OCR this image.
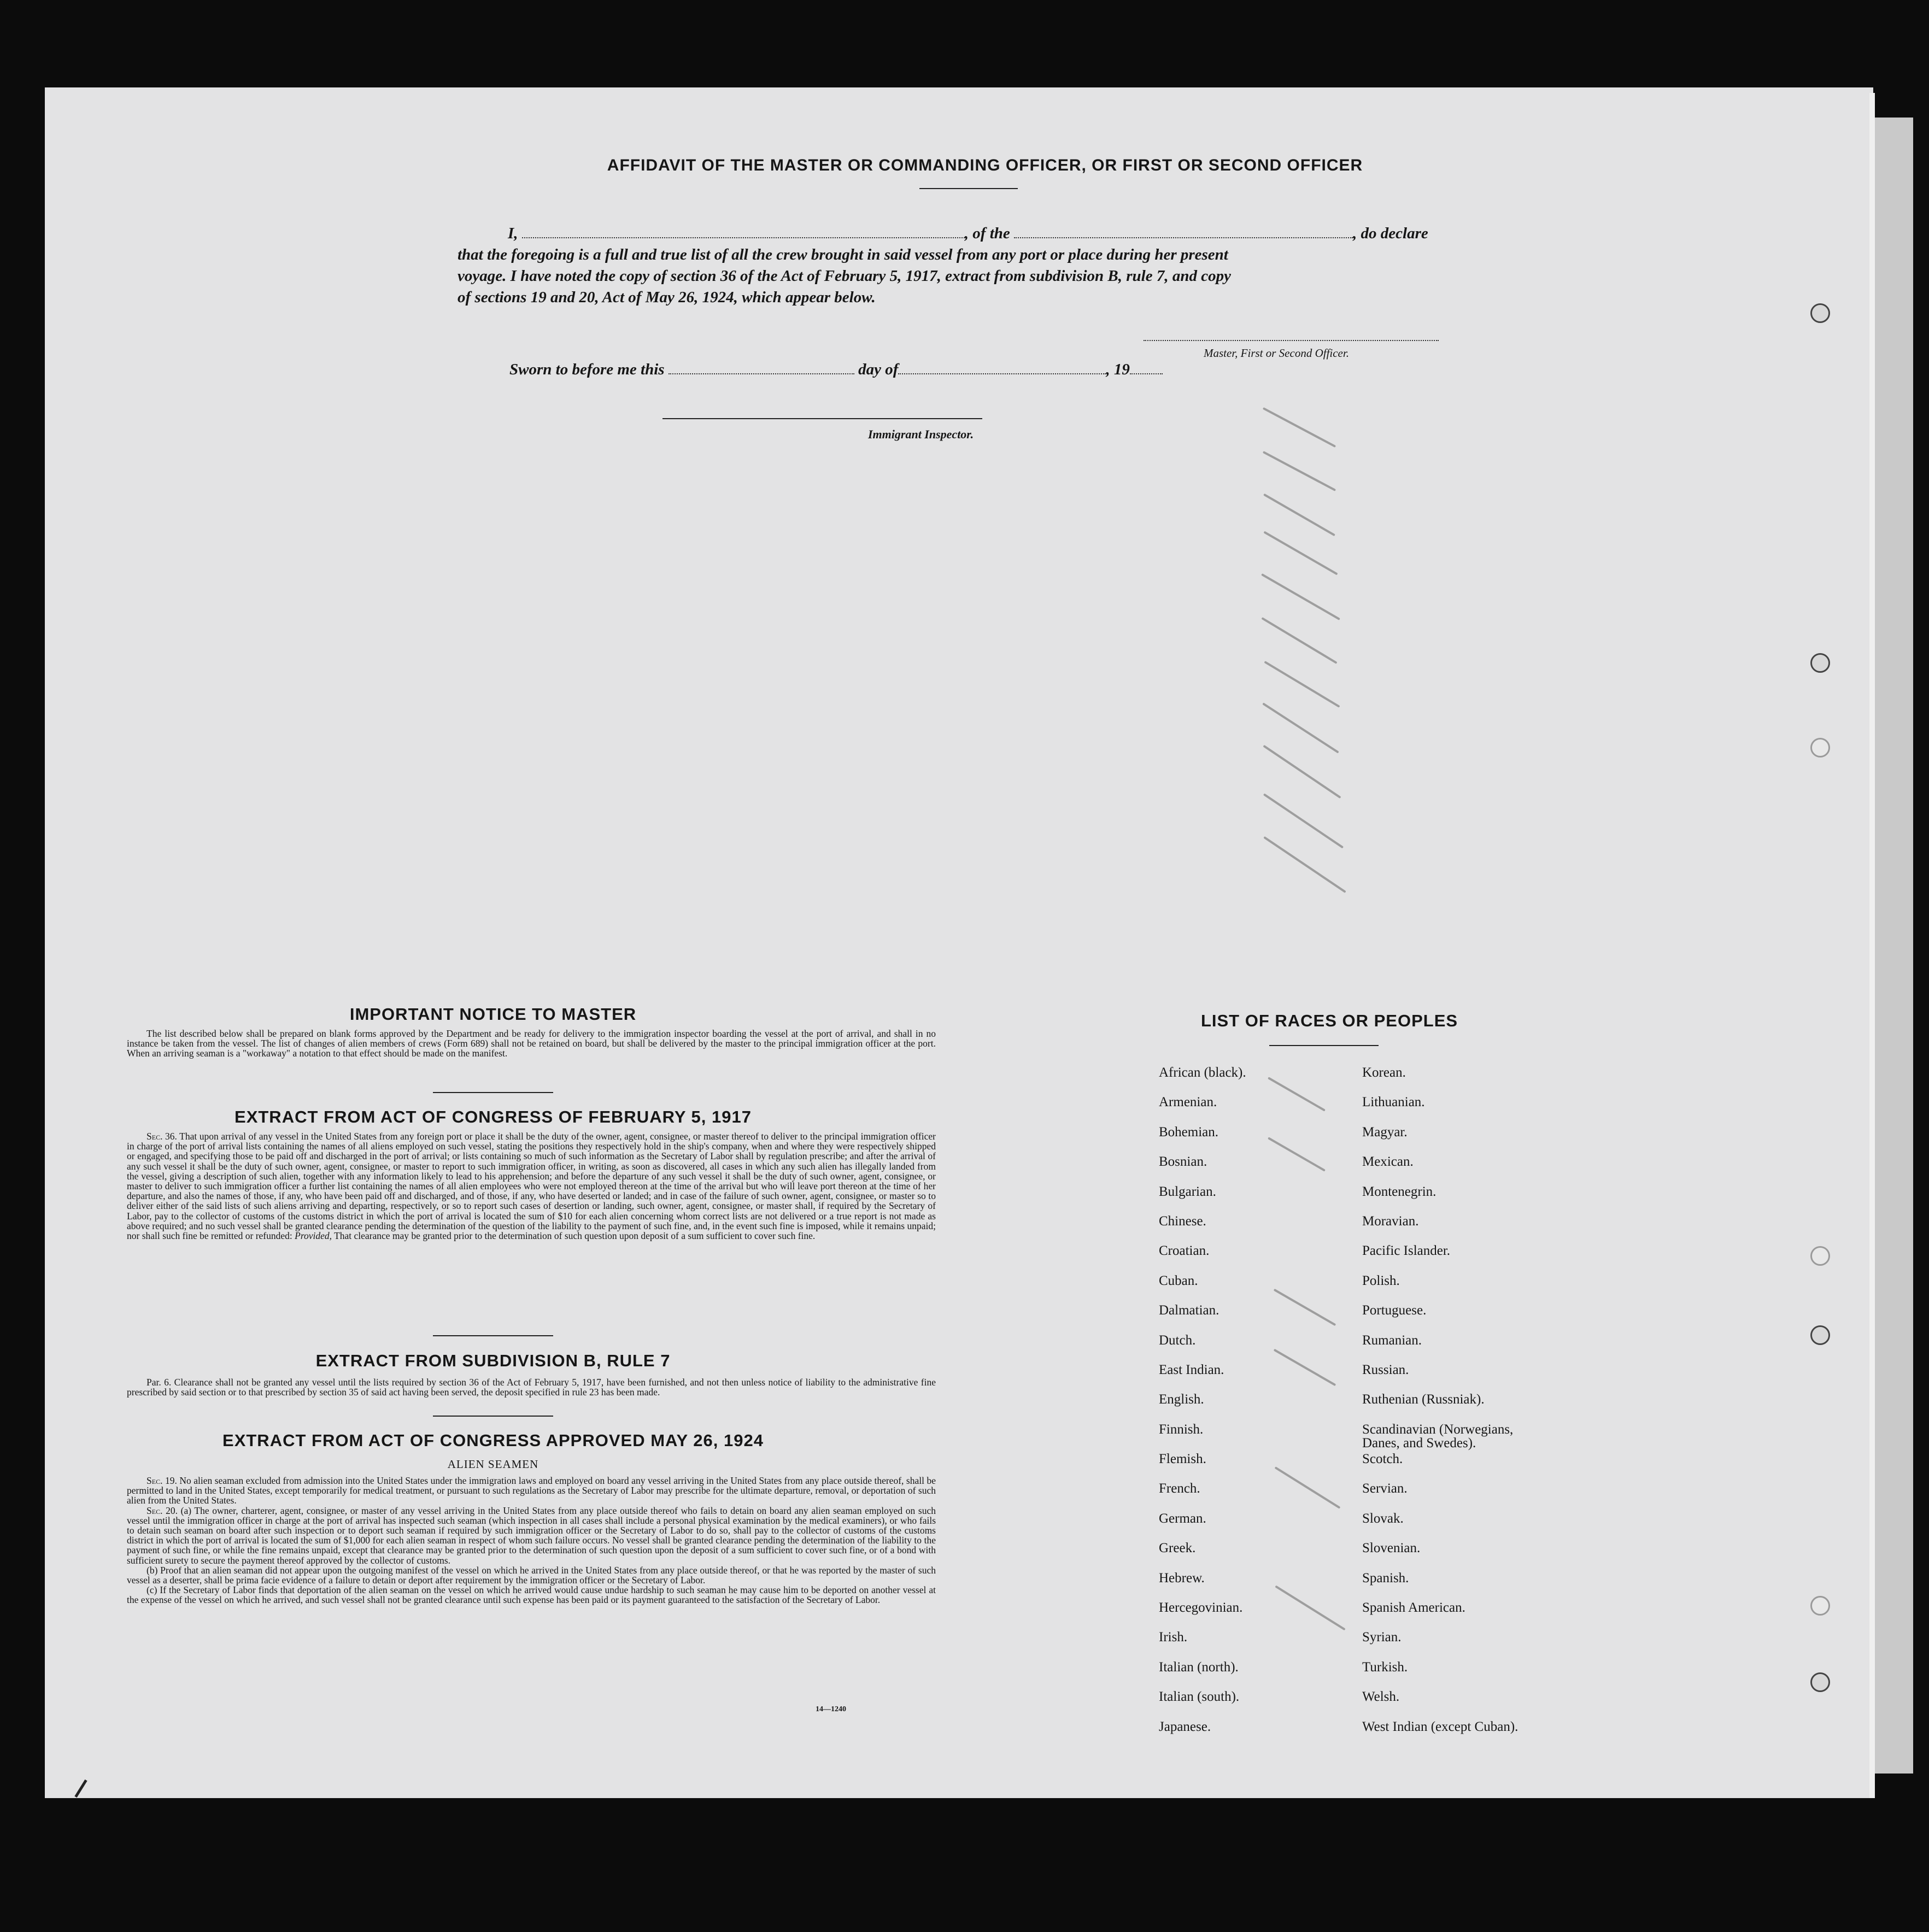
AFFIDAVIT OF THE MASTER OR COMMANDING OFFICER, OR FIRST OR SECOND OFFICER
I,	, of the	, do declare
that the foregoing is a full and true list of all the crew brought in said vessel from any port or place during her present
voyage. I have noted the copy of section 36 of the Act of February 5, 1917, extract from subdivision B, rule 7, and copy
of sections 19 and 20, Act of May 26, 1924, which appear below.
Master, First or Second Officer.
Sworn to before me this	day of	, 19
Immigrant Inspector.
IMPORTANT NOTICE TO MASTER

The list described below shall be prepared on blank forms approved by the Department and be ready for delivery to the immigration inspector boarding the vessel at the port of arrival, and shall in no instance be taken from the vessel. The list of changes of alien members of crews (Form 689) shall not be retained on board, but shall be delivered by the master to the principal immigration officer at the port. When an arriving seaman is a "workaway" a notation to that effect should be made on the manifest.

EXTRACT FROM ACT OF CONGRESS OF FEBRUARY 5, 1917

Sec. 36. That upon arrival of any vessel in the United States from any foreign port or place it shall be the duty of the owner, agent, consignee, or master thereof to deliver to the principal immigration officer in charge of the port of arrival lists containing the names of all aliens employed on such vessel, stating the positions they respectively hold in the ship's company, when and where they were respectively shipped or engaged, and specifying those to be paid off and discharged in the port of arrival; or lists containing so much of such information as the Secretary of Labor shall by regulation prescribe; and after the arrival of any such vessel it shall be the duty of such owner, agent, consignee, or master to report to such immigration officer, in writing, as soon as discovered, all cases in which any such alien has illegally landed from the vessel, giving a description of such alien, together with any information likely to lead to his apprehension; and before the departure of any such vessel it shall be the duty of such owner, agent, consignee, or master to deliver to such immigration officer a further list containing the names of all alien employees who were not employed thereon at the time of the arrival but who will leave port thereon at the time of her departure, and also the names of those, if any, who have been paid off and discharged, and of those, if any, who have deserted or landed; and in case of the failure of such owner, agent, consignee, or master so to deliver either of the said lists of such aliens arriving and departing, respectively, or so to report such cases of desertion or landing, such owner, agent, consignee, or master shall, if required by the Secretary of Labor, pay to the collector of customs of the customs district in which the port of arrival is located the sum of $10 for each alien concerning whom correct lists are not delivered or a true report is not made as above required; and no such vessel shall be granted clearance pending the determination of the question of the liability to the payment of such fine, and, in the event such fine is imposed, while it remains unpaid; nor shall such fine be remitted or refunded: Provided, That clearance may be granted prior to the determination of such question upon deposit of a sum sufficient to cover such fine.

EXTRACT FROM SUBDIVISION B, RULE 7

Par. 6. Clearance shall not be granted any vessel until the lists required by section 36 of the Act of February 5, 1917, have been furnished, and not then unless notice of liability to the administrative fine prescribed by said section or to that prescribed by section 35 of said act having been served, the deposit specified in rule 23 has been made.

EXTRACT FROM ACT OF CONGRESS APPROVED MAY 26, 1924
ALIEN SEAMEN

Sec. 19. No alien seaman excluded from admission into the United States under the immigration laws and employed on board any vessel arriving in the United States from any place outside thereof, shall be permitted to land in the United States, except temporarily for medical treatment, or pursuant to such regulations as the Secretary of Labor may prescribe for the ultimate departure, removal, or deportation of such alien from the United States.

Sec. 20. (a) The owner, charterer, agent, consignee, or master of any vessel arriving in the United States from any place outside thereof who fails to detain on board any alien seaman employed on such vessel until the immigration officer in charge at the port of arrival has inspected such seaman (which inspection in all cases shall include a personal physical examination by the medical examiners), or who fails to detain such seaman on board after such inspection or to deport such seaman if required by such immigration officer or the Secretary of Labor to do so, shall pay to the collector of customs of the customs district in which the port of arrival is located the sum of $1,000 for each alien seaman in respect of whom such failure occurs. No vessel shall be granted clearance pending the determination of the liability to the payment of such fine, or while the fine remains unpaid, except that clearance may be granted prior to the determination of such question upon the deposit of a sum sufficient to cover such fine, or of a bond with sufficient surety to secure the payment thereof approved by the collector of customs.

(b) Proof that an alien seaman did not appear upon the outgoing manifest of the vessel on which he arrived in the United States from any place outside thereof, or that he was reported by the master of such vessel as a deserter, shall be prima facie evidence of a failure to detain or deport after requirement by the immigration officer or the Secretary of Labor.

(c) If the Secretary of Labor finds that deportation of the alien seaman on the vessel on which he arrived would cause undue hardship to such seaman he may cause him to be deported on another vessel at the expense of the vessel on which he arrived, and such vessel shall not be granted clearance until such expense has been paid or its payment guaranteed to the satisfaction of the Secretary of Labor.

14—1240
LIST OF RACES OR PEOPLES
African (black).
Armenian.
Bohemian.
Bosnian.
Bulgarian.
Chinese.
Croatian.
Cuban.
Dalmatian.
Dutch.
East Indian.
English.
Finnish.
Flemish.
French.
German.
Greek.
Hebrew.
Hercegovinian.
Irish.
Italian (north).
Italian (south).
Japanese.
Korean.
Lithuanian.
Magyar.
Mexican.
Montenegrin.
Moravian.
Pacific Islander.
Polish.
Portuguese.
Rumanian.
Russian.
Ruthenian (Russniak).
Scandinavian (Norwegians,
Danes, and Swedes).
Scotch.
Servian.
Slovak.
Slovenian.
Spanish.
Spanish American.
Syrian.
Turkish.
Welsh.
West Indian (except Cuban).
